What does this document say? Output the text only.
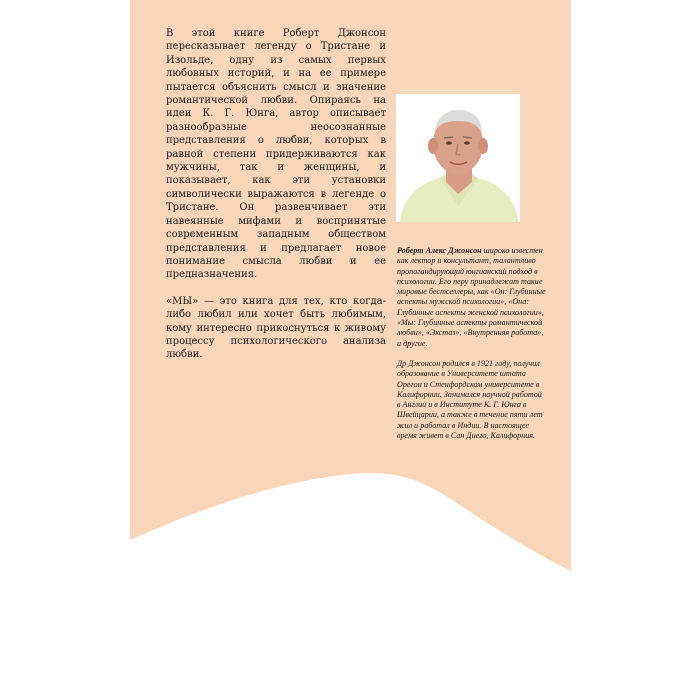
В этой книге Роберт Джонсон пересказывает легенду о Тристане и Изольде, одну из самых первых любовных историй, и на ее примере пытается объяснить смысл и значение романтической любви. Опираясь на идеи К. Г. Юнга, автор описывает разнообразные неосознанные представления о любви, которых в равной степени придерживаются как мужчины, так и женщины, и показывает, как эти установки символически выражаются в легенде о Тристане. Он развенчивает эти навеянные мифами и воспринятые современным западным обществом представления и предлагает новое понимание смысла любви и ее предназначения.

«МЫ» — это книга для тех, кто когда-либо любил или хочет быть любимым, кому интересно прикоснуться к живому процессу психологического анализа любви.

Роберт Алекс Джонсон широко известен как лектор и консультант, талантливо пропагандирующий юнгианский подход в психологии. Его перу принадлежат такие мировые бестселлеры, как «Он: Глубинные аспекты мужской психологии», «Она: Глубинные аспекты женской психологии», «Мы: Глубинные аспекты романтической любви», «Экстаз», «Внутренняя работа», и другие.

Др Джонсон родился в 1921 году, получил образование в Университете штата Орегон и Стенфордском университете в Калифорнии. Занимался научной работой в Англии и в Институте К. Г. Юнга в Швейцарии, а также в течение пяти лет жил и работал в Индии. В настоящее время живет в Сан Диего, Калифорния.
